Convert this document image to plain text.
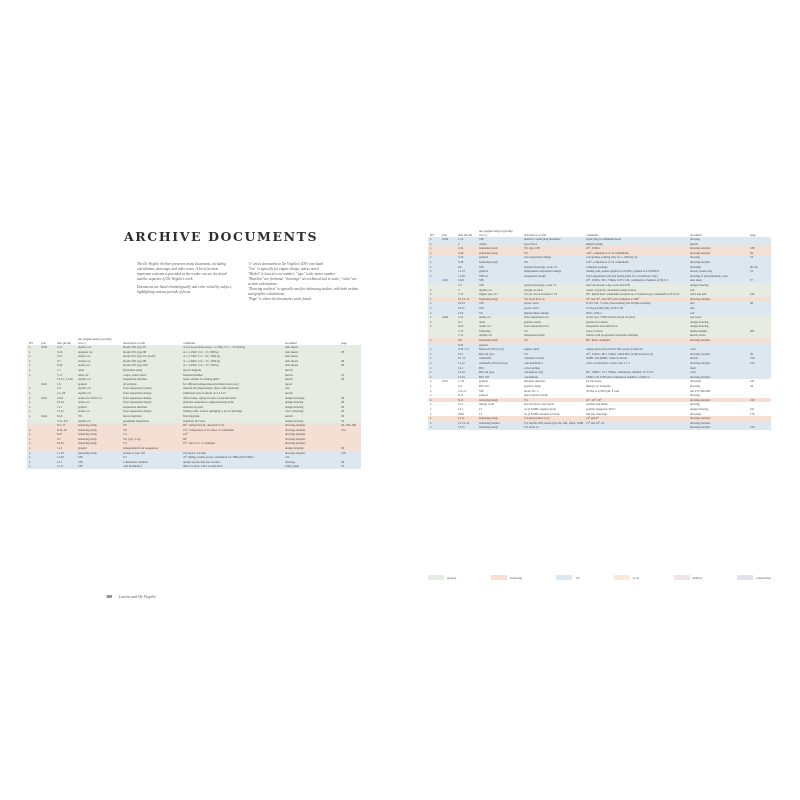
ARCHIVE DOCUMENTS

The De Virgilio Archive preserves many documents, including calculations, drawings, and other notes. A lot of its most important contents is provided as the reader can see the detail and the sequence of De Virgilio's work.

Documents are listed chronologically and color-coded by subject, highlighting various periods of focus.

"x" notes documents in De Virgilio's (DV) own hand

"Use" is typically for engine design, unless noted

"Model" is Lancia's car number; "type" is the motor number

"Sketches" are freehand; "drawings" are technical and to scale; "calcs" are written calculations.

"Drawing analysis" is typically used for balancing studies, with both written and graphic calculations.

"Page" is where the document can be found.

DV	year	date (m.dd)	use (engine design typically, u.n.o.)	description or title	comments	document	page
x	1939	2.11	Aprilia car	model 238, type 97	A (cross-sectional area) = 1.73m², Cd = .31; 824 kg	data sheets	
x		3.16	Augusta car	model 233, type 88	A = 2.13m², Cd = .71; 868 kg	data sheets	28
x		3.21	Astura car	model 233, type 91, modif.	A = 2.73m², Cd = .61; 1600 kg	data sheets	
x		4.7	Artena car	model 228, type 88	A = 2.46m², Cd = .71; 1000 kg	data sheets	28
x		6.26	Ardea car	model 250, type 100	A = 1.63m², Cd = .37; 700 kg	data sheets	28
x		7.1	other	freewheel study	layout diagram	sketch	
x		7.11	other car	coupe, sedan views	freehand studies	sketch	32
		12.15/ 1.2.40	Aprilia car	suspension sketches	repair studies for sliding pillar	sketch	28
	1940	1.6	general	oil analysis	for different temperatures (includes Juan note)	report	
x		1.9	Aprilia car	front suspension testing	internal all temperatures; share with Gismondi	text	
x		2.1–29	Aprilia car	front suspension design	additional note on detail on 2.13.13	sketch	
x	1942	2.9/4	Ardea for 4.93L car	front suspension design	offset brake, spring location of parallel arms	design drawings	28
x		10.24	Ardea car	front suspension design	alternate suspension, angled steering arms	design drawing	28
x		11.1	general	suspension sketches	alternate layouts	design drawing	28
x		11.12	Ardea car	front suspension design	trailing arms, torsion springing; a set of drawings	calcs, drawings	29
x	1944	8.16	V6	layout sketches	first diagrams	sketch	29
		5.31–6.8	Aprilia car	pendulum suspension	isometric 3D view	design drawing	33
		8.3–17	balancing study	V6	60°; refined 8.3.41; drawn 8.17.41	drawing analysis	40, 182, 209
x		8.19–23	balancing study	V6	10°; comparison of 12, three 3 crankshafts	drawing analysis	214
x		8.27	balancing study	V4	2.6°	drawing analysis	
x		9.7	balancing study	V6, (typ. 5 sq)	69°	drawing analysis	
x		10.22	balancing study	V4	10°, narrow V, 3 crankpins	drawing analysis	
x		11.2	general	independent front suspension		design drawing	33
x		11.18	balancing study	in-line 2, type 102	18a motor, 4.9 litre	drawing analysis	218
x		11.29	538	V4	45° timing, results power calculation for 1882,2324,3309cc	calc	
x		12.7	538	combustion chamber	design layout, full-size section	drawing	36
x		12.17	538	cam kinematics	lifter location, valve acceleration	study graph	35
DV	year	date (m.dd)	use (engine design typically, u.n.o.)	description or title	comments	document	page
x	1944	1.14	538	detail for spark plug mounting	spark plug in aluminum head	drawing	
x		2	Ardea	type 104/4	hairpin spring	sketch	
x		2.22	balancing study	V6, type 138	45°, 2349cc	drawing analysis	238
x		3.26	balancing study	V6	120°, comparison of 12 crankshafts	drawing analysis	29
x		5.26	general	rear suspension design	coil springs, trailing arm, for a 1200 kg car	drawing	53
x		5.28	balancing study	V6	120°, comparison of 12 crankshafts	drawing analysis	
x		6.6	538	detailed drawings, scale 1:1	complete package	drawings	60–64
x		11.13	general	independent suspension design	trailing arm, patent applied for 8.1945, granted as IT 4006/47	sketch, patent dwg	31
x		11.29	528 car	suspension design	front suspension arm and spring (data for calculations only)	drawing of arm (thermal), calcs	
	1945	1945	538		45°, 2349cc, 80 x 73mm, 6.35:1 CR, combustion chamber of 68.5 cc	data sheet	37
		1.8	538	general drawings, scale 1:1	Zuccone Rossi's only work with FIN	design drawing	
x		5	Aprilia car	weight on axles	center of gravity calculation using torsion	calc	
x		7.13	engine type 111	V6 cyl. block revised to V4	20°, mixed feed crankshafts revised test of Aurelia type crankshaft on 8.12.45	calcs and text	232
x		10.13–12	balancing study	V6, from 8.10 on	45° and 50°, also 90° with crankpins at 180°	drawing analysis	
x		10.23	538	power curve	6.70:1 CR, 3 carbs, first running, De Virgilio drawing	text	38
x		10.27	538	power curve	51.7hp (4,500 rpm), 6.70:1 CR	text	
x		12.9	V6	displacement studies	2010–2231cc	calc	
x	1946	2.21	Ardea car	front suspension test	Ardea type 750B without shock absorber	test notes	
x		6.2	other	gearbox study	gearbox for Ardea	design drawing	
x		6.24	Ardea car	front suspension test	suspension arm deflection	design drawing	
		7.13	balancing	V6	Lapo's review	memorandum	287
		7.12	Aprilia car	Suspension study	checks with progressive hydraulic damping	sketch, notes	
x		8.8	balancing study	V6	90°, three crankpins	drawing analysis	
		9.22	general				
x		9.30–1.0	Maserati 750 (4-cyl)	engine study	engine derived from Fiat 500, study for Marotti	calcs	
x		10.1	B10 A4 type	V6	20°, 2549cc, 80 x 72mm, called B10 (2,SR second rod)	drawing analysis	39
x		10. 12	camshafts	camshaft control	SOHC and DOHC chain locations	sketch	216
x		11.12	camshafts, B10 A4 type	cam kinematics	valve acceleration, rocker ratio 1.1:1	drawing analysis	214
x		12.1	B10	valve springs		chart	
x		12.16	B10 A4 type	calculation only	60°, 1986cc, 72 x 76mm, combustion chamber of 37.2cc	calcs	
x		12.24	B10 197	calculations	2349cc CR 6.68 with combustion chamber of 68.6 cc	drawing analysis	
x	1947	1–23	general	furniture sketches	for the house	drawings	247
x		2.4	B10 197	gearbox study	linkage for transaxle	drawing	24
x		2.4–11	538	motor No. 2	56.5hp at 4,500 rpm, 8 rods	test 471/390.206	
x		8.12	general	piston motion study		drawing	
x		9.12	balancing study	V4	16°, 22°, 29°	drawing analysis	219
x		10.1	testing room	bed circuit for test bench	parallel and inline	drawing	
x		12.1	C1	4-cyl SOHC engine layout	parallel staggered, 905cc	design drawing	221
x		1981	C1	4-cyl SOHC detailed sections	full size drawings	drawings	176
x		12.11	balancing study	V4 and parallel 4-cyl	13° and 0°	drawing analysis	
x		12.13–14	balancing studies	V4, Aprilia 438, Ardea type 99, 100, 100A, 100B	13° and 10° 24	drawing analysis	
x		12.31	balancing study	V4, from C1		drawing analysis	219
general	balancing	V6	4-cyl	halfbox	competition
300 Lancia and De Virgilio
